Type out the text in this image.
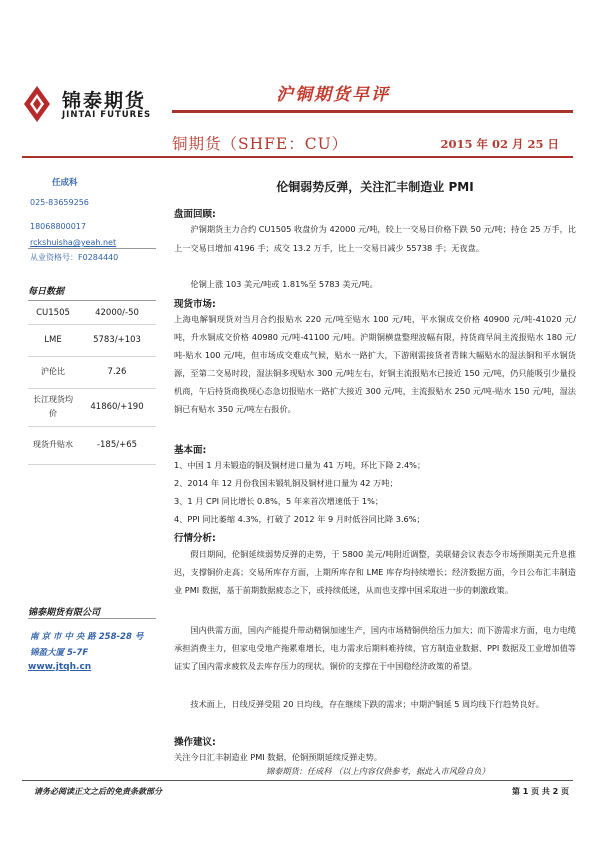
锦泰期货
JINTAI FUTURES
沪铜期货早评
铜期货（SHFE：CU）	2015 年 02 月 25 日
任成科
025-83659256
18068800017
rckshuisha@yeah.net
从业资格号：F0284440
每日数据
CU1505	42000/-50
LME	5783/+103
沪伦比	7.26
长江现货均价	41860/+190
现货升贴水	-185/+65
锦泰期货有限公司
南 京 市 中 央 路 258-28 号
锦盈大厦 5-7F
www.jtqh.cn
伦铜弱势反弹，关注汇丰制造业 PMI
盘面回顾:
沪铜期货主力合约 CU1505 收盘价为 42000 元/吨，较上一交易日价格下跌 50 元/吨；持仓 25 万手，比上一交易日增加 4196 手；成交 13.2 万手，比上一交易日减少 55738 手；无夜盘。
伦铜上涨 103 美元/吨或 1.81%至 5783 美元/吨。
现货市场:
上海电解铜现货对当月合约报贴水 220 元/吨至贴水 100 元/吨，平水铜成交价格 40900 元/吨-41020 元/吨，升水铜成交价格 40980 元/吨-41100 元/吨。沪期铜横盘整理波幅有限，持货商早间主流报贴水 180 元/吨-贴水 100 元/吨，但市场成交难成气候，贴水一路扩大，下游刚需接货者青睐大幅贴水的湿法铜和平水铜货源，至第二交易时段，湿法铜多现贴水 300 元/吨左右，好铜主流报贴水已接近 150 元/吨，仍只能吸引少量投机商，午后持货商换现心态急切报贴水一路扩大接近 300 元/吨，主流报贴水 250 元/吨-贴水 150 元/吨，湿法铜已有贴水 350 元/吨左右报价。
基本面:
1、中国 1 月未锻造的铜及铜材进口量为 41 万吨，环比下降 2.4%；
2、2014 年 12 月份我国未锻轧铜及铜材进口量为 42 万吨；
3、1 月 CPI 同比增长 0.8%，5 年来首次增速低于 1%；
4、PPI 同比萎缩 4.3%，打破了 2012 年 9 月时低谷同比降 3.6%；
行情分析:
假日期间，伦铜延续弱势反弹的走势，于 5800 美元/吨附近调整，美联储会议表态令市场预期美元升息推迟，支撑铜价走高；交易所库存方面，上期所库存和 LME 库存均持续增长；经济数据方面，今日公布汇丰制造业 PMI 数据，基于前期数据疲态之下，或持续低迷，从而也支撑中国采取进一步的刺激政策。
国内供需方面，国内产能提升带动精铜加速生产，国内市场精铜供给压力加大；而下游需求方面，电力电缆承担消费主力，但家电受地产拖累难增长，电力需求后期料难持续，官方制造业数据、PPI 数据及工业增加值等证实了国内需求疲软及去库存压力的现状。铜价的支撑在于中国稳经济政策的希望。
技术面上，日线反弹受阻 20 日均线，存在继续下跌的需求；中期沪铜延 5 周均线下行趋势良好。
操作建议:
关注今日汇丰制造业 PMI 数据，伦铜预期延续反弹走势。
锦泰期货：任成科 （以上内容仅供参考，据此入市风险自负）
请务必阅读正文之后的免责条款部分	第 1 页 共 2 页
